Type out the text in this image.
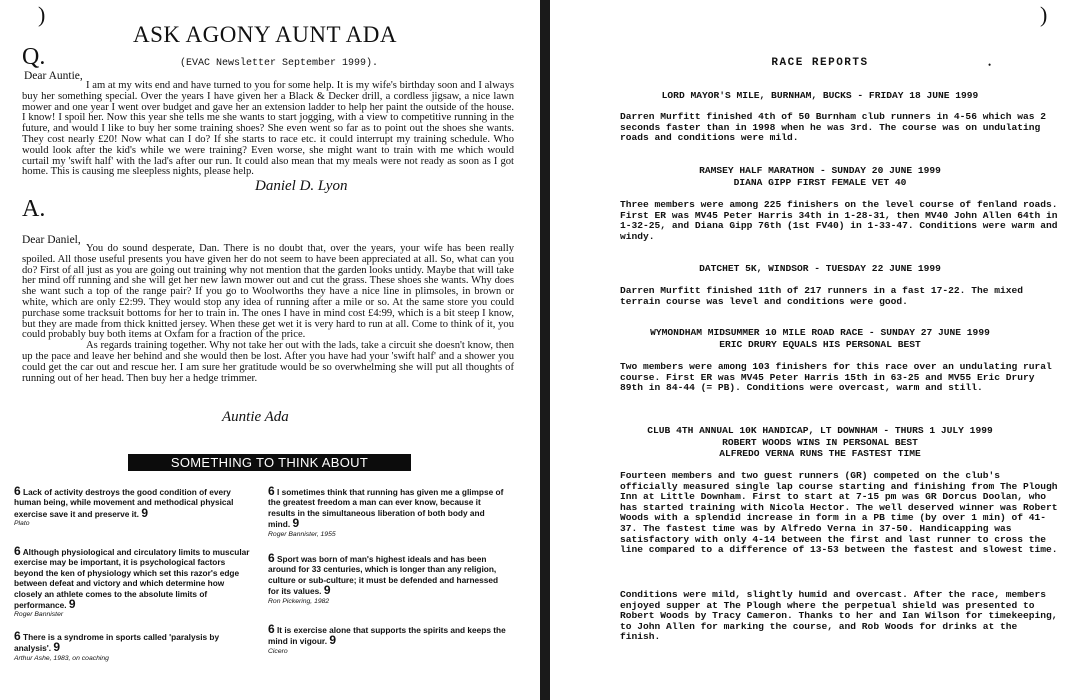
)
ASK AGONY AUNT ADA
Q.	(EVAC Newsletter September 1999).
Dear Auntie,

I am at my wits end and have turned to you for some help. It is my wife's birthday soon and I always buy her something special. Over the years I have given her a Black & Decker drill, a cordless jigsaw, a nice lawn mower and one year I went over budget and gave her an extension ladder to help her paint the outside of the house. I know! I spoil her. Now this year she tells me she wants to start jogging, with a view to competitive running in the future, and would I like to buy her some training shoes? She even went so far as to point out the shoes she wants. They cost nearly £20! Now what can I do? If she starts to race etc. it could interrupt my training schedule. Who would look after the kid's while we were training? Even worse, she might want to train with me which would curtail my 'swift half' with the lad's after our run. It could also mean that my meals were not ready as soon as I got home. This is causing me sleepless nights, please help.

Daniel D. Lyon
A.
Dear Daniel,

You do sound desperate, Dan. There is no doubt that, over the years, your wife has been really spoiled. All those useful presents you have given her do not seem to have been appreciated at all. So, what can you do? First of all just as you are going out training why not mention that the garden looks untidy. Maybe that will take her mind off running and she will get her new lawn mower out and cut the grass. These shoes she wants. Why does she want such a top of the range pair? If you go to Woolworths they have a nice line in plimsoles, in brown or white, which are only £2:99. They would stop any idea of running after a mile or so. At the same store you could purchase some tracksuit bottoms for her to train in. The ones I have in mind cost £4:99, which is a bit steep I know, but they are made from thick knitted jersey. When these get wet it is very hard to run at all. Come to think of it, you could probably buy both items at Oxfam for a fraction of the price.

As regards training together. Why not take her out with the lads, take a circuit she doesn't know, then up the pace and leave her behind and she would then be lost. After you have had your 'swift half' and a shower you could get the car out and rescue her. I am sure her gratitude would be so overwhelming she will put all thoughts of running out of her head. Then buy her a hedge trimmer.

Auntie Ada
SOMETHING TO THINK ABOUT
6 Lack of activity destroys the good condition of every human being, while movement and methodical physical exercise save it and preserve it. 9
Plato
6 Although physiological and circulatory limits to muscular exercise may be important, it is psychological factors beyond the ken of physiology which set this razor's edge between defeat and victory and which determine how closely an athlete comes to the absolute limits of performance. 9
Roger Bannister
6 There is a syndrome in sports called 'paralysis by analysis'. 9
Arthur Ashe, 1983, on coaching
6 I sometimes think that running has given me a glimpse of the greatest freedom a man can ever know, because it results in the simultaneous liberation of both body and mind. 9
Roger Bannister, 1955
6 Sport was born of man's highest ideals and has been around for 33 centuries, which is longer than any religion, culture or sub-culture; it must be defended and harnessed for its values. 9
Ron Pickering, 1982
6 It is exercise alone that supports the spirits and keeps the mind in vigour. 9
Cicero
)
•
RACE REPORTS
LORD MAYOR'S MILE, BURNHAM, BUCKS - FRIDAY 18 JUNE 1999
Darren Murfitt finished 4th of 50 Burnham club runners in 4-56 which was 2 seconds faster than in 1998 when he was 3rd. The course was on undulating roads and conditions were mild.
RAMSEY HALF MARATHON - SUNDAY 20 JUNE 1999
DIANA GIPP FIRST FEMALE VET 40
Three members were among 225 finishers on the level course of fenland roads. First ER was MV45 Peter Harris 34th in 1-28-31, then MV40 John Allen 64th in 1-32-25, and Diana Gipp 76th (1st FV40) in 1-33-47. Conditions were warm and windy.
DATCHET 5K, WINDSOR - TUESDAY 22 JUNE 1999
Darren Murfitt finished 11th of 217 runners in a fast 17-22. The mixed terrain course was level and conditions were good.
WYMONDHAM MIDSUMMER 10 MILE ROAD RACE - SUNDAY 27 JUNE 1999
ERIC DRURY EQUALS HIS PERSONAL BEST
Two members were among 103 finishers for this race over an undulating rural course. First ER was MV45 Peter Harris 15th in 63-25 and MV55 Eric Drury 89th in 84-44 (= PB). Conditions were overcast, warm and still.
CLUB 4TH ANNUAL 10K HANDICAP, LT DOWNHAM - THURS 1 JULY 1999
ROBERT WOODS WINS IN PERSONAL BEST
ALFREDO VERNA RUNS THE FASTEST TIME
Fourteen members and two guest runners (GR) competed on the club's officially measured single lap course starting and finishing from The Plough Inn at Little Downham. First to start at 7-15 pm was GR Dorcus Doolan, who has started training with Nicola Hector. The well deserved winner was Robert Woods with a splendid increase in form in a PB time (by over 1 min) of 41-37. The fastest time was by Alfredo Verna in 37-50. Handicapping was satisfactory with only 4-14 between the first and last runner to cross the line compared to a difference of 13-53 between the fastest and slowest time.
Conditions were mild, slightly humid and overcast. After the race, members enjoyed supper at The Plough where the perpetual shield was presented to Robert Woods by Tracy Cameron. Thanks to her and Ian Wilson for timekeeping, to John Allen for marking the course, and Rob Woods for drinks at the finish.
